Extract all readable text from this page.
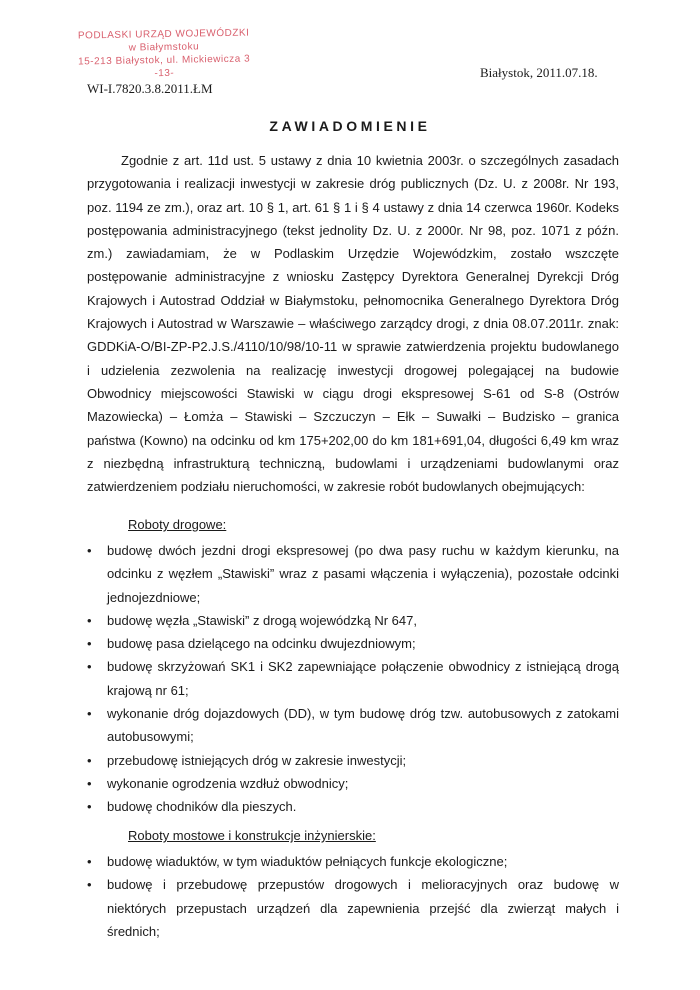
PODLASKI URZĄD WOJEWÓDZKI
w Białymstoku
15-213 Białystok, ul. Mickiewicza 3
-13-
WI-I.7820.3.8.2011.ŁM
Białystok, 2011.07.18.
ZAWIADOMIENIE

Zgodnie z art. 11d ust. 5 ustawy z dnia 10 kwietnia 2003r. o szczególnych zasadach przygotowania i realizacji inwestycji w zakresie dróg publicznych (Dz. U. z 2008r. Nr 193, poz. 1194 ze zm.), oraz art. 10 § 1, art. 61 § 1 i § 4 ustawy z dnia 14 czerwca 1960r. Kodeks postępowania administracyjnego (tekst jednolity Dz. U. z 2000r. Nr 98, poz. 1071 z późn. zm.) zawiadamiam, że w Podlaskim Urzędzie Wojewódzkim, zostało wszczęte postępowanie administracyjne z wniosku Zastępcy Dyrektora Generalnej Dyrekcji Dróg Krajowych i Autostrad Oddział w Białymstoku, pełnomocnika Generalnego Dyrektora Dróg Krajowych i Autostrad w Warszawie – właściwego zarządcy drogi, z dnia 08.07.2011r. znak: GDDKiA-O/BI-ZP-P2.J.S./4110/10/98/10-11 w sprawie zatwierdzenia projektu budowlanego i udzielenia zezwolenia na realizację inwestycji drogowej polegającej na budowie Obwodnicy miejscowości Stawiski w ciągu drogi ekspresowej S-61 od S-8 (Ostrów Mazowiecka) – Łomża – Stawiski – Szczuczyn – Ełk – Suwałki – Budzisko – granica państwa (Kowno) na odcinku od km 175+202,00 do km 181+691,04, długości 6,49 km wraz z niezbędną infrastrukturą techniczną, budowlami i urządzeniami budowlanymi oraz zatwierdzeniem podziału nieruchomości, w zakresie robót budowlanych obejmujących:

Roboty drogowe:
• budowę dwóch jezdni drogi ekspresowej (po dwa pasy ruchu w każdym kierunku, na odcinku z węzłem „Stawiski” wraz z pasami włączenia i wyłączenia), pozostałe odcinki jednojezdniowe;
• budowę węzła „Stawiski” z drogą wojewódzką Nr 647,
• budowę pasa dzielącego na odcinku dwujezdniowym;
• budowę skrzyżowań SK1 i SK2 zapewniające połączenie obwodnicy z istniejącą drogą krajową nr 61;
• wykonanie dróg dojazdowych (DD), w tym budowę dróg tzw. autobusowych z zatokami autobusowymi;
• przebudowę istniejących dróg w zakresie inwestycji;
• wykonanie ogrodzenia wzdłuż obwodnicy;
• budowę chodników dla pieszych.
Roboty mostowe i konstrukcje inżynierskie:
• budowę wiaduktów, w tym wiaduktów pełniących funkcje ekologiczne;
• budowę i przebudowę przepustów drogowych i melioracyjnych oraz budowę w niektórych przepustach urządzeń dla zapewnienia przejść dla zwierząt małych i średnich;
